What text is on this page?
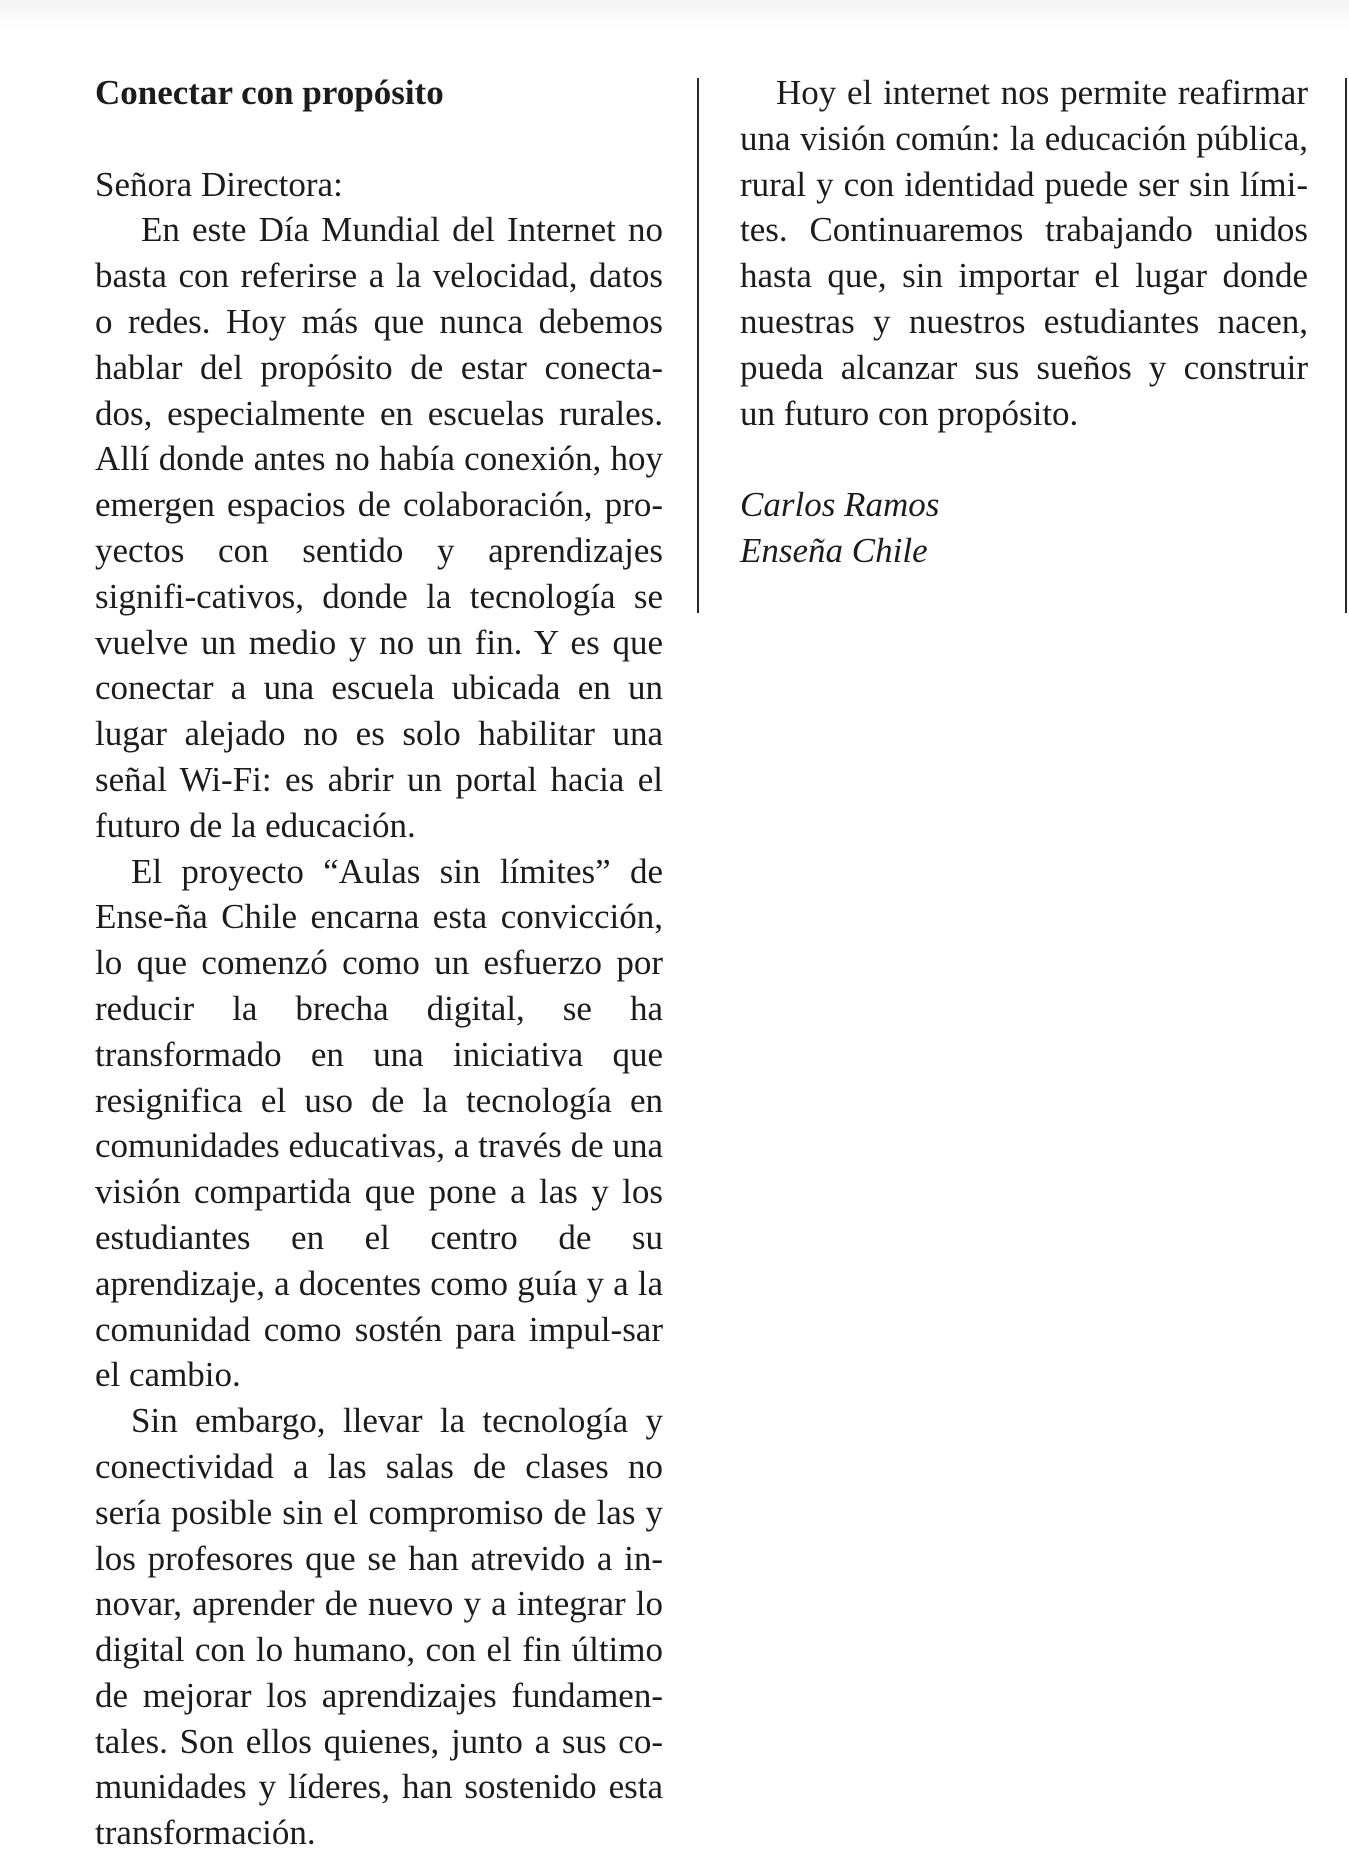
Conectar con propósito
Señora Directora:

En este Día Mundial del Internet no basta con referirse a la velocidad, datos o redes. Hoy más que nunca debemos hablar del propósito de estar conecta-dos, especialmente en escuelas rurales. Allí donde antes no había conexión, hoy emergen espacios de colaboración, pro-yectos con sentido y aprendizajes signifi-cativos, donde la tecnología se vuelve un medio y no un fin. Y es que conectar a una escuela ubicada en un lugar alejado no es solo habilitar una señal Wi-Fi: es abrir un portal hacia el futuro de la educación.

El proyecto “Aulas sin límites” de Ense-ña Chile encarna esta convicción, lo que comenzó como un esfuerzo por reducir la brecha digital, se ha transformado en una iniciativa que resignifica el uso de la tecnología en comunidades educativas, a través de una visión compartida que pone a las y los estudiantes en el centro de su aprendizaje, a docentes como guía y a la comunidad como sostén para impul-sar el cambio.

Sin embargo, llevar la tecnología y conectividad a las salas de clases no sería posible sin el compromiso de las y los profesores que se han atrevido a in-novar, aprender de nuevo y a integrar lo digital con lo humano, con el fin último de mejorar los aprendizajes fundamen-tales. Son ellos quienes, junto a sus co-munidades y líderes, han sostenido esta transformación.

Hoy el internet nos permite reafirmar una visión común: la educación pública, rural y con identidad puede ser sin lími-tes. Continuaremos trabajando unidos hasta que, sin importar el lugar donde nuestras y nuestros estudiantes nacen, pueda alcanzar sus sueños y construir un futuro con propósito.

Carlos Ramos
Enseña Chile
